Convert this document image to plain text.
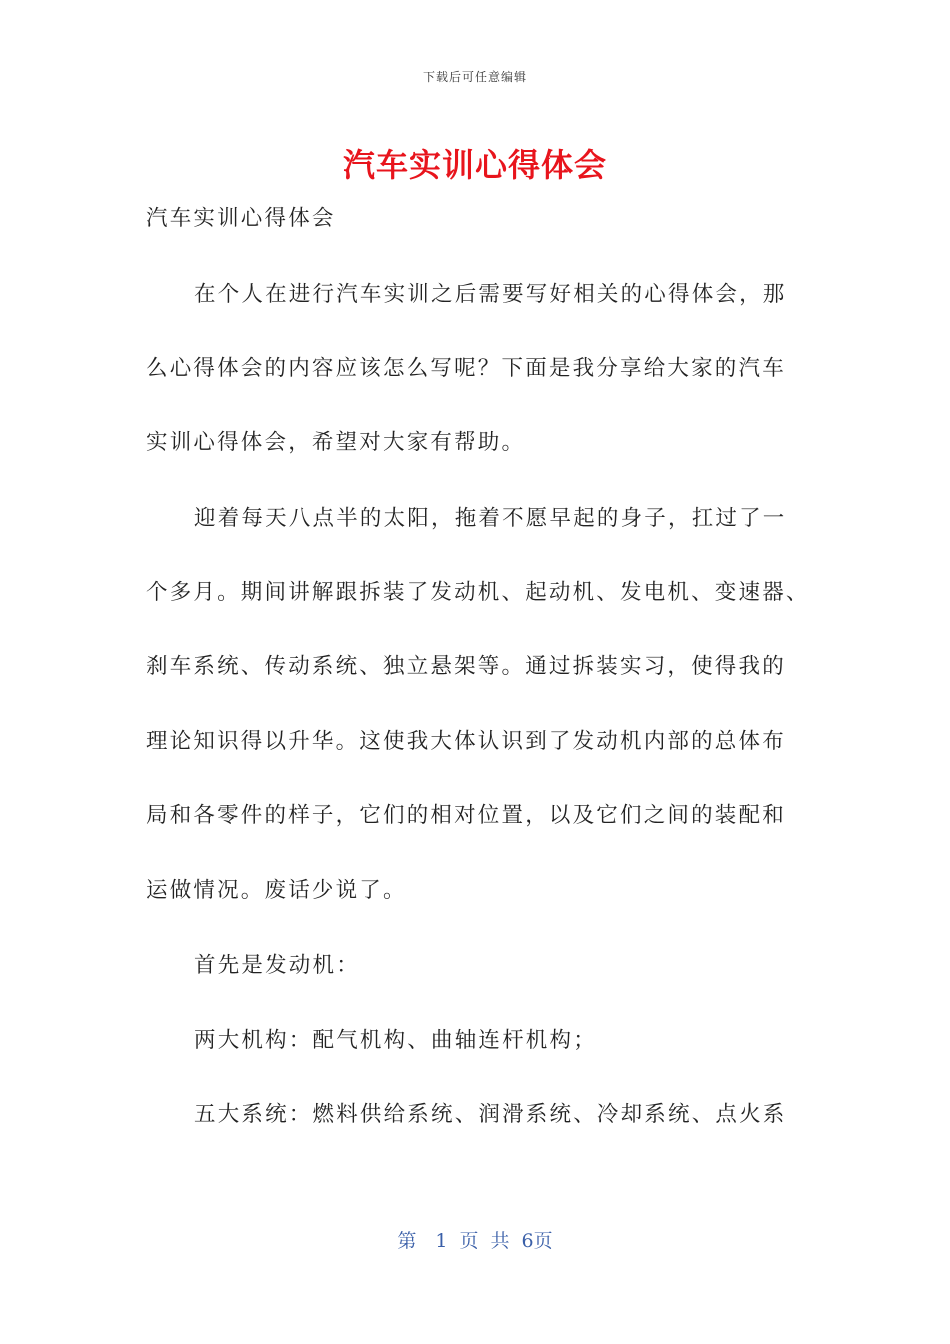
下载后可任意编辑
汽车实训心得体会
汽车实训心得体会
在个人在进行汽车实训之后需要写好相关的心得体会，那
么心得体会的内容应该怎么写呢？下面是我分享给大家的汽车
实训心得体会，希望对大家有帮助。
迎着每天八点半的太阳，拖着不愿早起的身子，扛过了一
个多月。期间讲解跟拆装了发动机、起动机、发电机、变速器、
刹车系统、传动系统、独立悬架等。通过拆装实习，使得我的
理论知识得以升华。这使我大体认识到了发动机内部的总体布
局和各零件的样子，它们的相对位置，以及它们之间的装配和
运做情况。废话少说了。
首先是发动机：
两大机构：配气机构、曲轴连杆机构；
五大系统：燃料供给系统、润滑系统、冷却系统、点火系
第　1 页 共 6页
